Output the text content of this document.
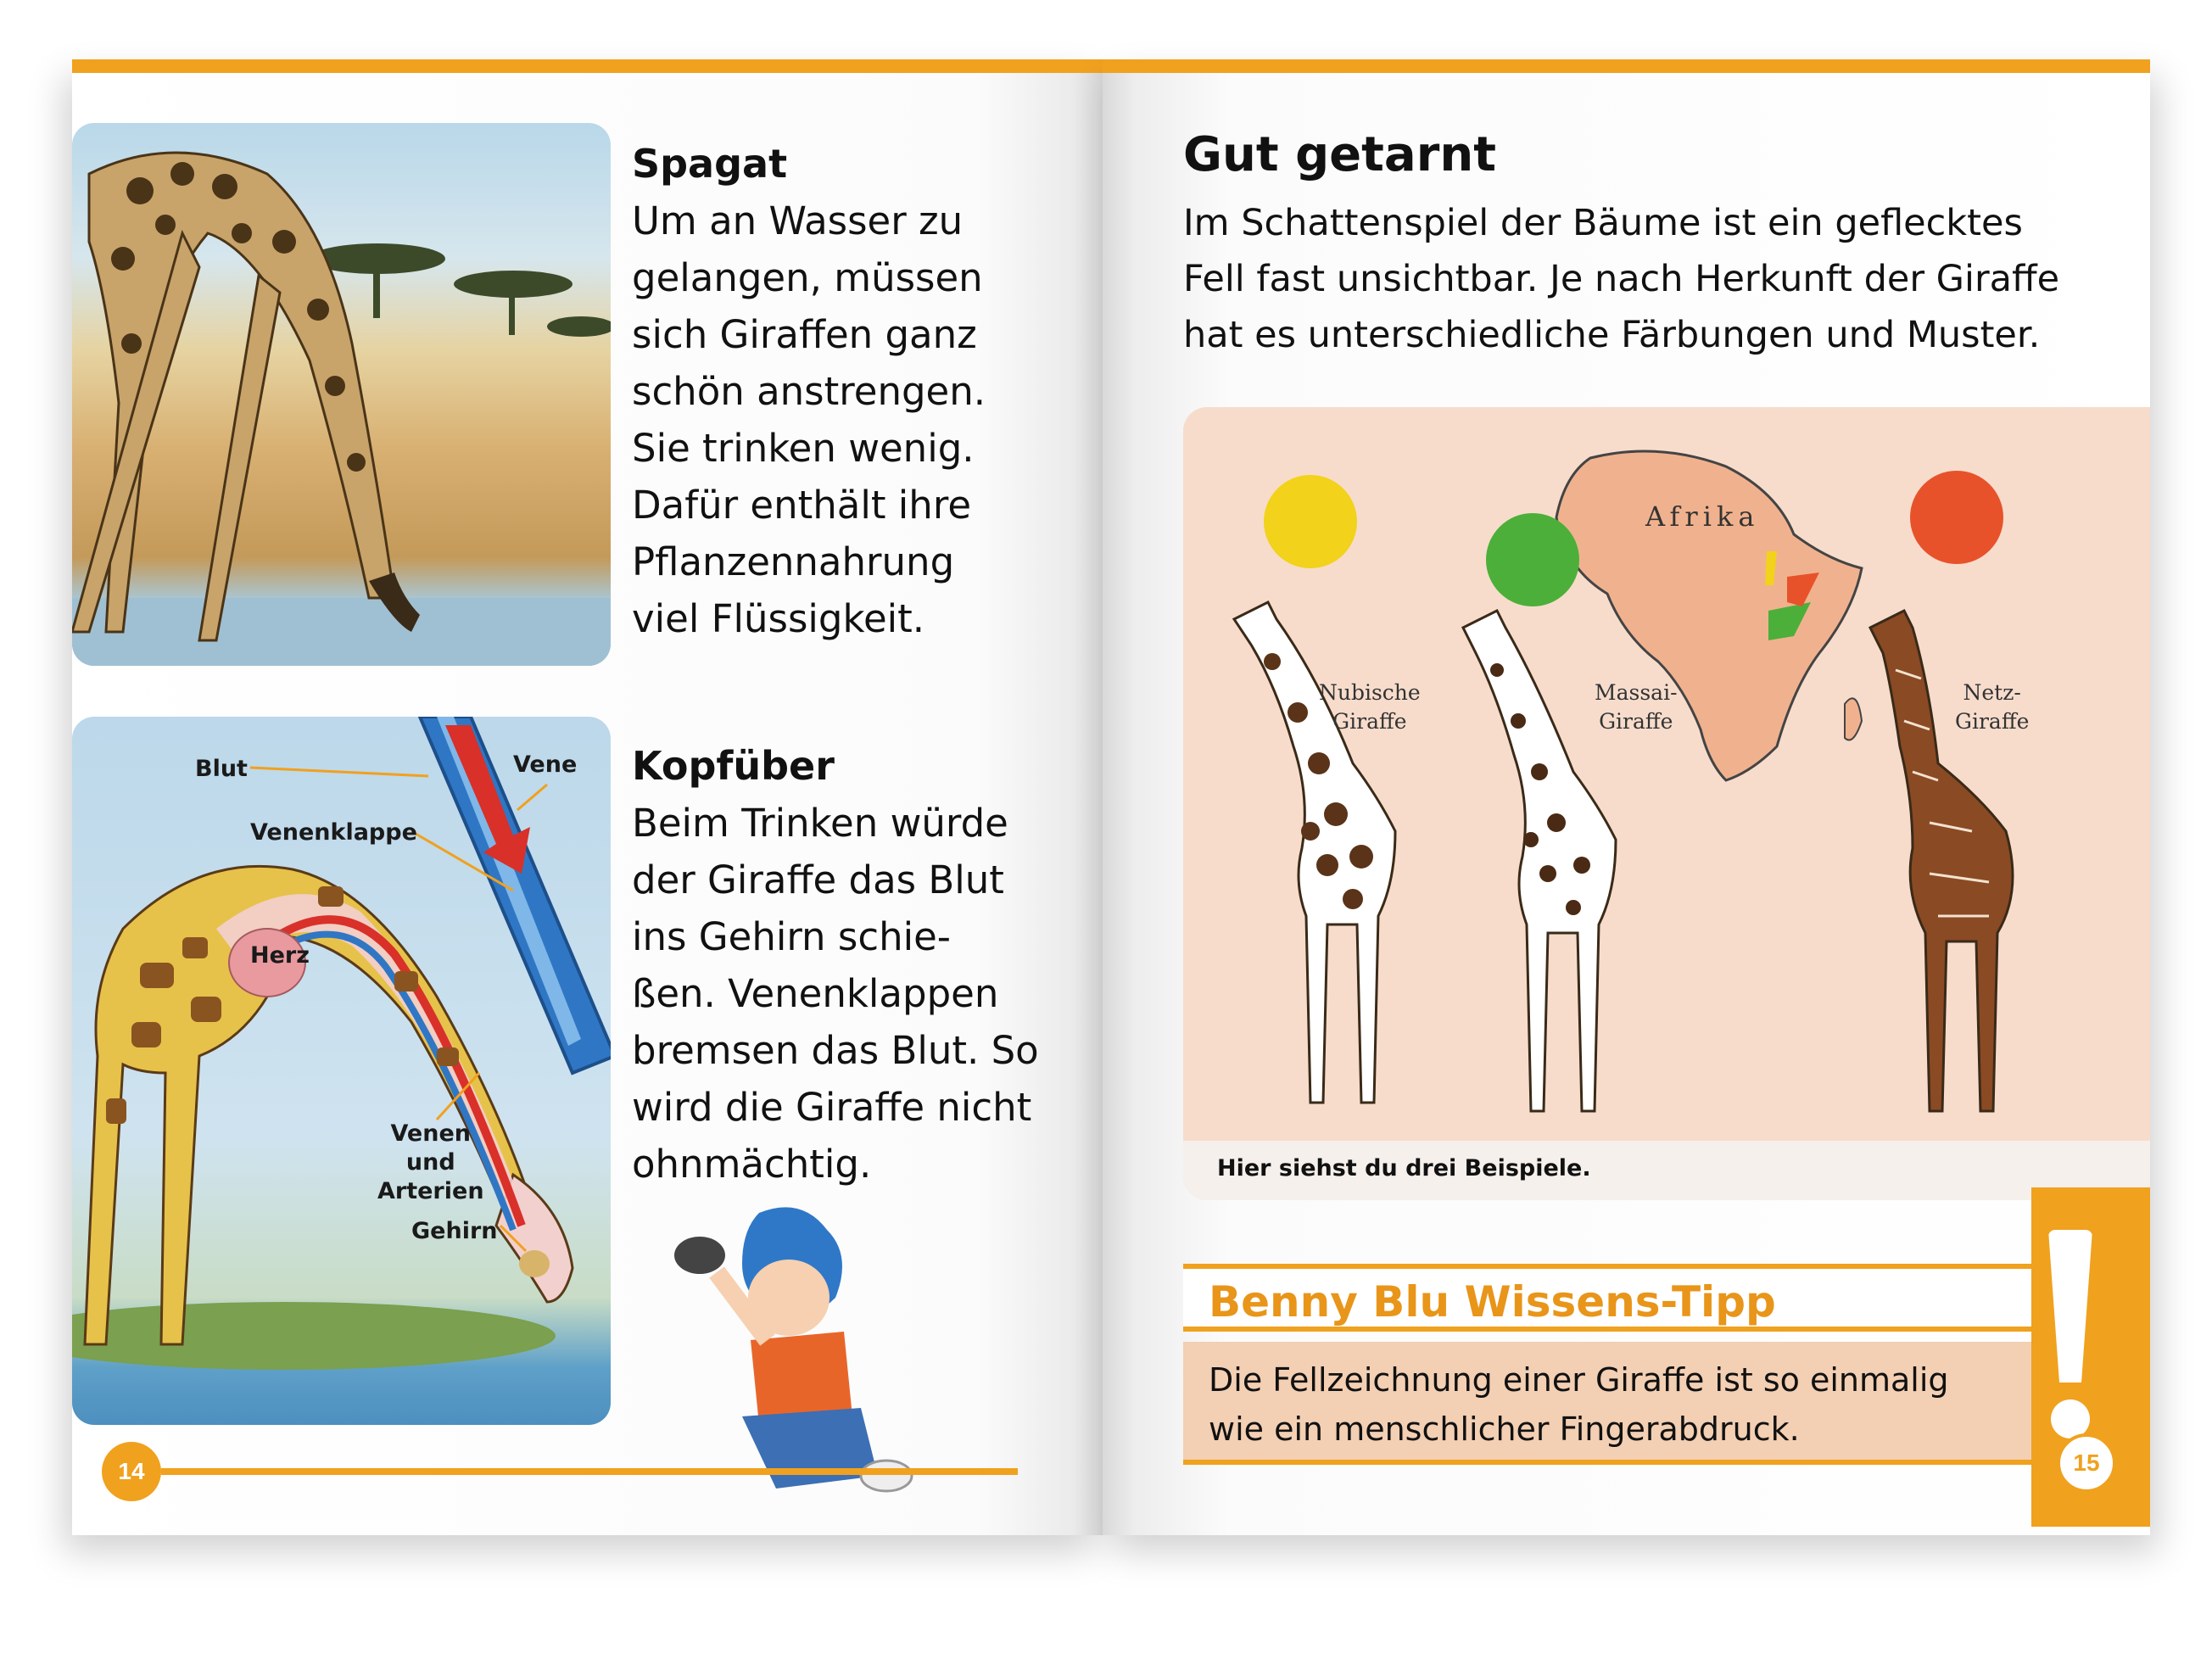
Spagat
Um an Wasser zu
gelangen, müssen
sich Giraffen ganz
schön anstrengen.
Sie trinken wenig.
Dafür enthält ihre
Pflanzennahrung
viel Flüssigkeit.
Blut	Vene
Venenklappe
Herz
Venen
und
Arterien
Gehirn
Kopfüber
Beim Trinken würde
der Giraffe das Blut
ins Gehirn schie-
ßen. Venenklappen
bremsen das Blut. So
wird die Giraffe nicht
ohnmächtig.
14
Gut getarnt
Im Schattenspiel der Bäume ist ein geflecktes
Fell fast unsichtbar. Je nach Herkunft der Giraffe
hat es unterschiedliche Färbungen und Muster.
Afrika
Nubische
Giraffe
Massai-
Giraffe
Netz-
Giraffe
Hier siehst du drei Beispiele.
Benny Blu Wissens-Tipp
Die Fellzeichnung einer Giraffe ist so einmalig
wie ein menschlicher Fingerabdruck.
15
